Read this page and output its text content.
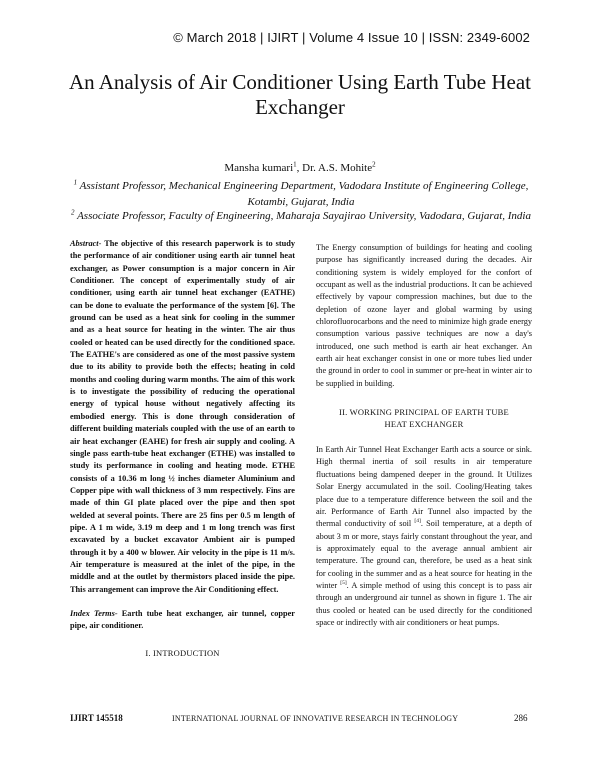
© March 2018 | IJIRT | Volume 4 Issue 10 | ISSN: 2349-6002
An Analysis of Air Conditioner Using Earth Tube Heat Exchanger
Mansha kumari$^1$, Dr. A.S. Mohite$^2$
$^1$ Assistant Professor, Mechanical Engineering Department, Vadodara Institute of Engineering College, Kotambi, Gujarat, India
$^2$ Associate Professor, Faculty of Engineering, Maharaja Sayajirao University, Vadodara, Gujarat, India

Abstract- The objective of this research paperwork is to study the performance of air conditioner using earth air tunnel heat exchanger, as Power consumption is a major concern in Air Conditioner. The concept of experimentally study of air conditioner, using earth air tunnel heat exchanger (EATHE) can be done to evaluate the performance of the system [6]. The ground can be used as a heat sink for cooling in the summer and as a heat source for heating in the winter. The air thus cooled or heated can be used directly for the conditioned space. The EATHE's are considered as one of the most passive system due to its ability to provide both the effects; heating in cold months and cooling during warm months. The aim of this work is to investigate the possibility of reducing the operational energy of typical house without negatively affecting its embodied energy. This is done through consideration of different building materials coupled with the use of an earth to air heat exchanger (EAHE) for fresh air supply and cooling. A single pass earth-tube heat exchanger (ETHE) was installed to study its performance in cooling and heating mode. ETHE consists of a 10.36 m long ½ inches diameter Aluminium and Copper pipe with wall thickness of 3 mm respectively. Fins are made of thin GI plate placed over the pipe and then spot welded at several points. There are 25 fins per 0.5 m length of pipe. A 1 m wide, 3.19 m deep and 1 m long trench was first excavated by a bucket excavator Ambient air is pumped through it by a 400 w blower. Air velocity in the pipe is 11 m/s. Air temperature is measured at the inlet of the pipe, in the middle and at the outlet by thermistors placed inside the pipe. This arrangement can improve the Air Conditioning effect.

Index Terms- Earth tube heat exchanger, air tunnel, copper pipe, air conditioner.

I. INTRODUCTION

The Energy consumption of buildings for heating and cooling purpose has significantly increased during the decades. Air conditioning system is widely employed for the confort of occupant as well as the industrial productions. It can be achieved effectively by vapour compression machines, but due to the depletion of ozone layer and global warming by using chlorofluorocarbons and the need to minimize high grade energy consumption various passive techniques are now a day's introduced, one such method is earth air heat exchanger. An earth air heat exchanger consist in one or more tubes lied under the ground in order to cool in summer or pre-heat in winter air to be supplied in building.

II. WORKING PRINCIPAL OF EARTH TUBE
HEAT EXCHANGER

In Earth Air Tunnel Heat Exchanger Earth acts a source or sink. High thermal inertia of soil results in air temperature fluctuations being dampened deeper in the ground. It Utilizes Solar Energy accumulated in the soil. Cooling/Heating takes place due to a temperature difference between the soil and the air. Performance of Earth Air Tunnel also impacted by the thermal conductivity of soil [4]. Soil temperature, at a depth of about 3 m or more, stays fairly constant throughout the year, and is approximately equal to the average annual ambient air temperature. The ground can, therefore, be used as a heat sink for cooling in the summer and as a heat source for heating in the winter [5]. A simple method of using this concept is to pass air through an underground air tunnel as shown in figure 1. The air thus cooled or heated can be used directly for the conditioned space or indirectly with air conditioners or heat pumps.

IJIRT 145518	INTERNATIONAL JOURNAL OF INNOVATIVE RESEARCH IN TECHNOLOGY	286
